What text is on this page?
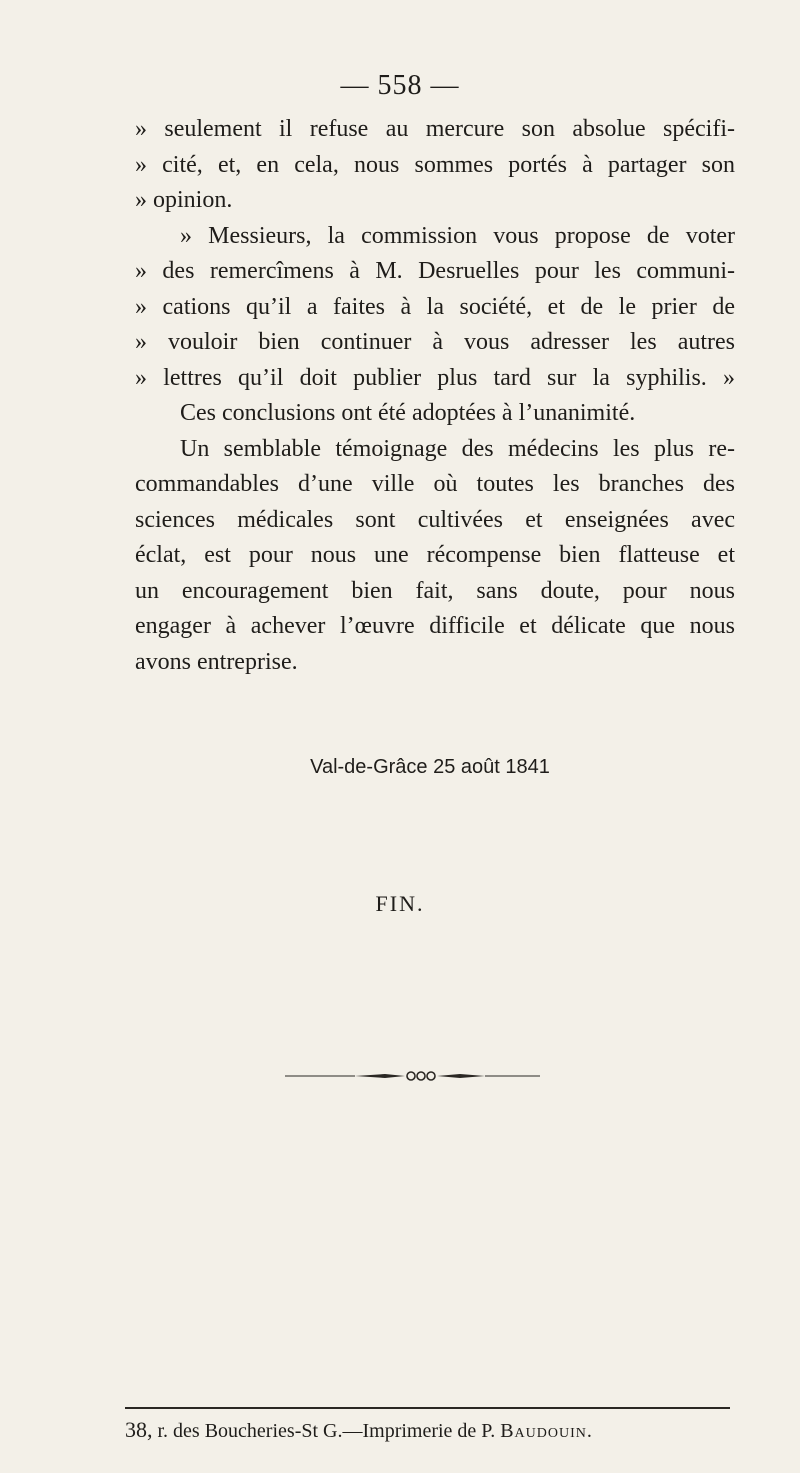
— 558 —
» seulement il refuse au mercure son absolue spécifi-
» cité, et, en cela, nous sommes portés à partager son
» opinion.
» Messieurs, la commission vous propose de voter
» des remercîmens à M. Desruelles pour les communi-
» cations qu’il a faites à la société, et de le prier de
» vouloir bien continuer à vous adresser les autres
» lettres qu’il doit publier plus tard sur la syphilis. »
Ces conclusions ont été adoptées à l’unanimité.
Un semblable témoignage des médecins les plus re-
commandables d’une ville où toutes les branches des
sciences médicales sont cultivées et enseignées avec
éclat, est pour nous une récompense bien flatteuse et
un encouragement bien fait, sans doute, pour nous
engager à achever l’œuvre difficile et délicate que nous
avons entreprise.
Val-de-Grâce 25 août 1841
FIN.
38, r. des Boucheries-St G.—Imprimerie de P. Baudouin.
